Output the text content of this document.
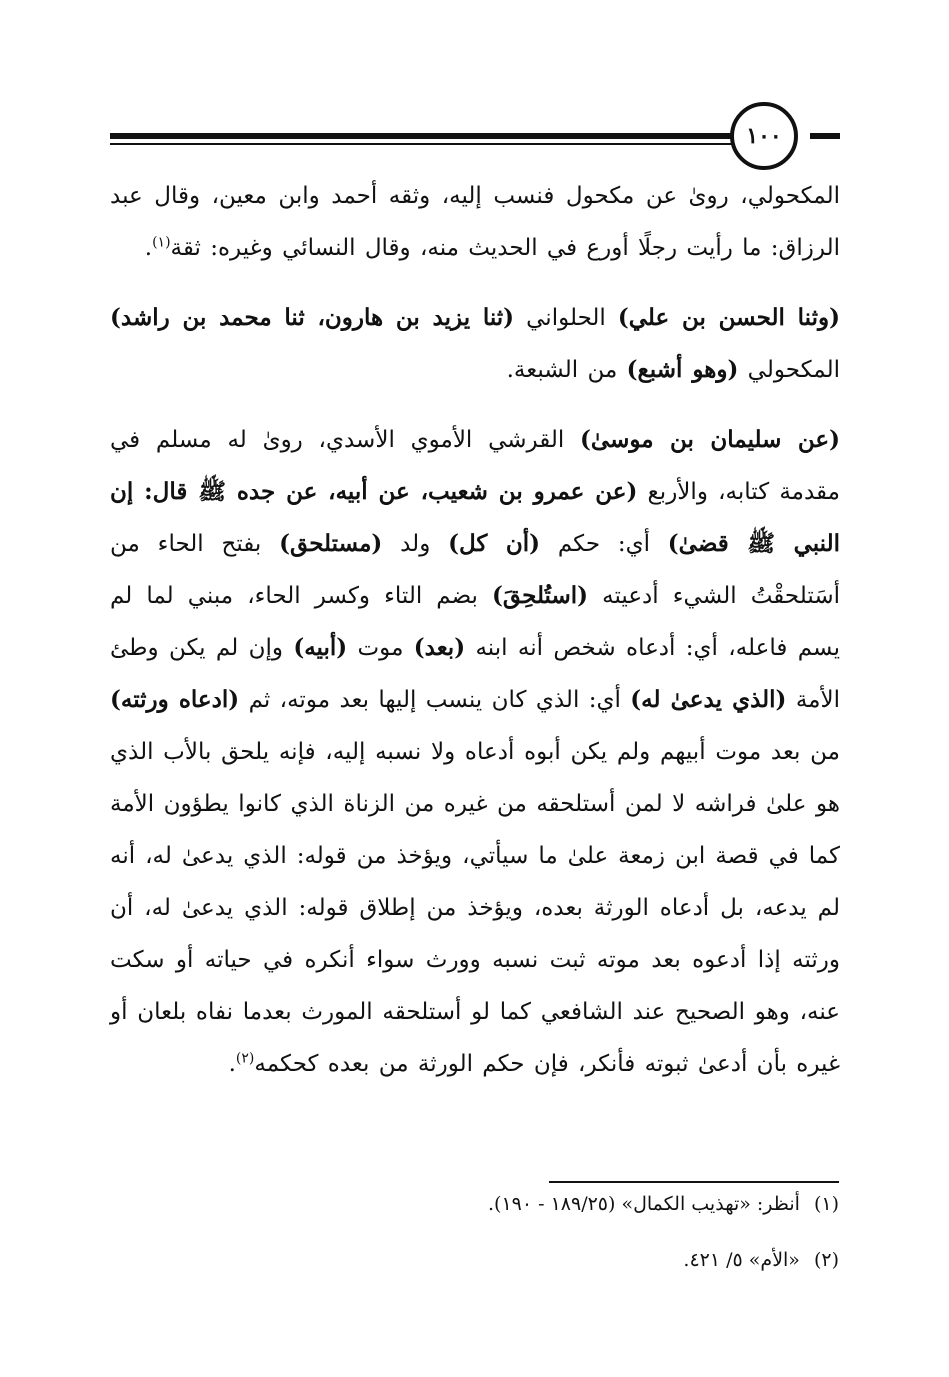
١٠٠

المكحولي، رویٰ عن مكحول فنسب إليه، وثقه أحمد وابن معين، وقال عبد الرزاق: ما رأيت رجلًا أورع في الحديث منه، وقال النسائي وغيره: ثقة$^{(١)}$.

(وثنا الحسن بن علي) الحلواني (ثنا يزيد بن هارون، ثنا محمد بن راشد) المكحولي (وهو أشبع) من الشبعة.

(عن سليمان بن موسىٰ) القرشي الأموي الأسدي، رویٰ له مسلم في مقدمة كتابه، والأربع (عن عمرو بن شعيب، عن أبيه، عن جده ﷺ قال: إن النبي ﷺ قضىٰ) أي: حكم (أن كل) ولد (مستلحق) بفتح الحاء من أسَتلحقْتُ الشيء أدعيته (استُلحِقَ) بضم التاء وكسر الحاء، مبني لما لم يسم فاعله، أي: أدعاه شخص أنه ابنه (بعد) موت (أبيه) وإن لم يكن وطئ الأمة (الذي يدعىٰ له) أي: الذي كان ينسب إليها بعد موته، ثم (ادعاه ورثته) من بعد موت أبيهم ولم يكن أبوه أدعاه ولا نسبه إليه، فإنه يلحق بالأب الذي هو علىٰ فراشه لا لمن أستلحقه من غيره من الزناة الذي كانوا يطؤون الأمة كما في قصة ابن زمعة علىٰ ما سيأتي، ويؤخذ من قوله: الذي يدعىٰ له، أنه لم يدعه، بل أدعاه الورثة بعده، ويؤخذ من إطلاق قوله: الذي يدعىٰ له، أن ورثته إذا أدعوه بعد موته ثبت نسبه وورث سواء أنكره في حياته أو سكت عنه، وهو الصحيح عند الشافعي كما لو أستلحقه المورث بعدما نفاه بلعان أو غيره بأن أدعىٰ ثبوته فأنكر، فإن حكم الورثة من بعده كحكمه$^{(٢)}$.

(١)أنظر: «تهذيب الكمال» (١٨٩/٢٥ - ١٩٠).

(٢)«الأم» ٥/ ٤٢١.
